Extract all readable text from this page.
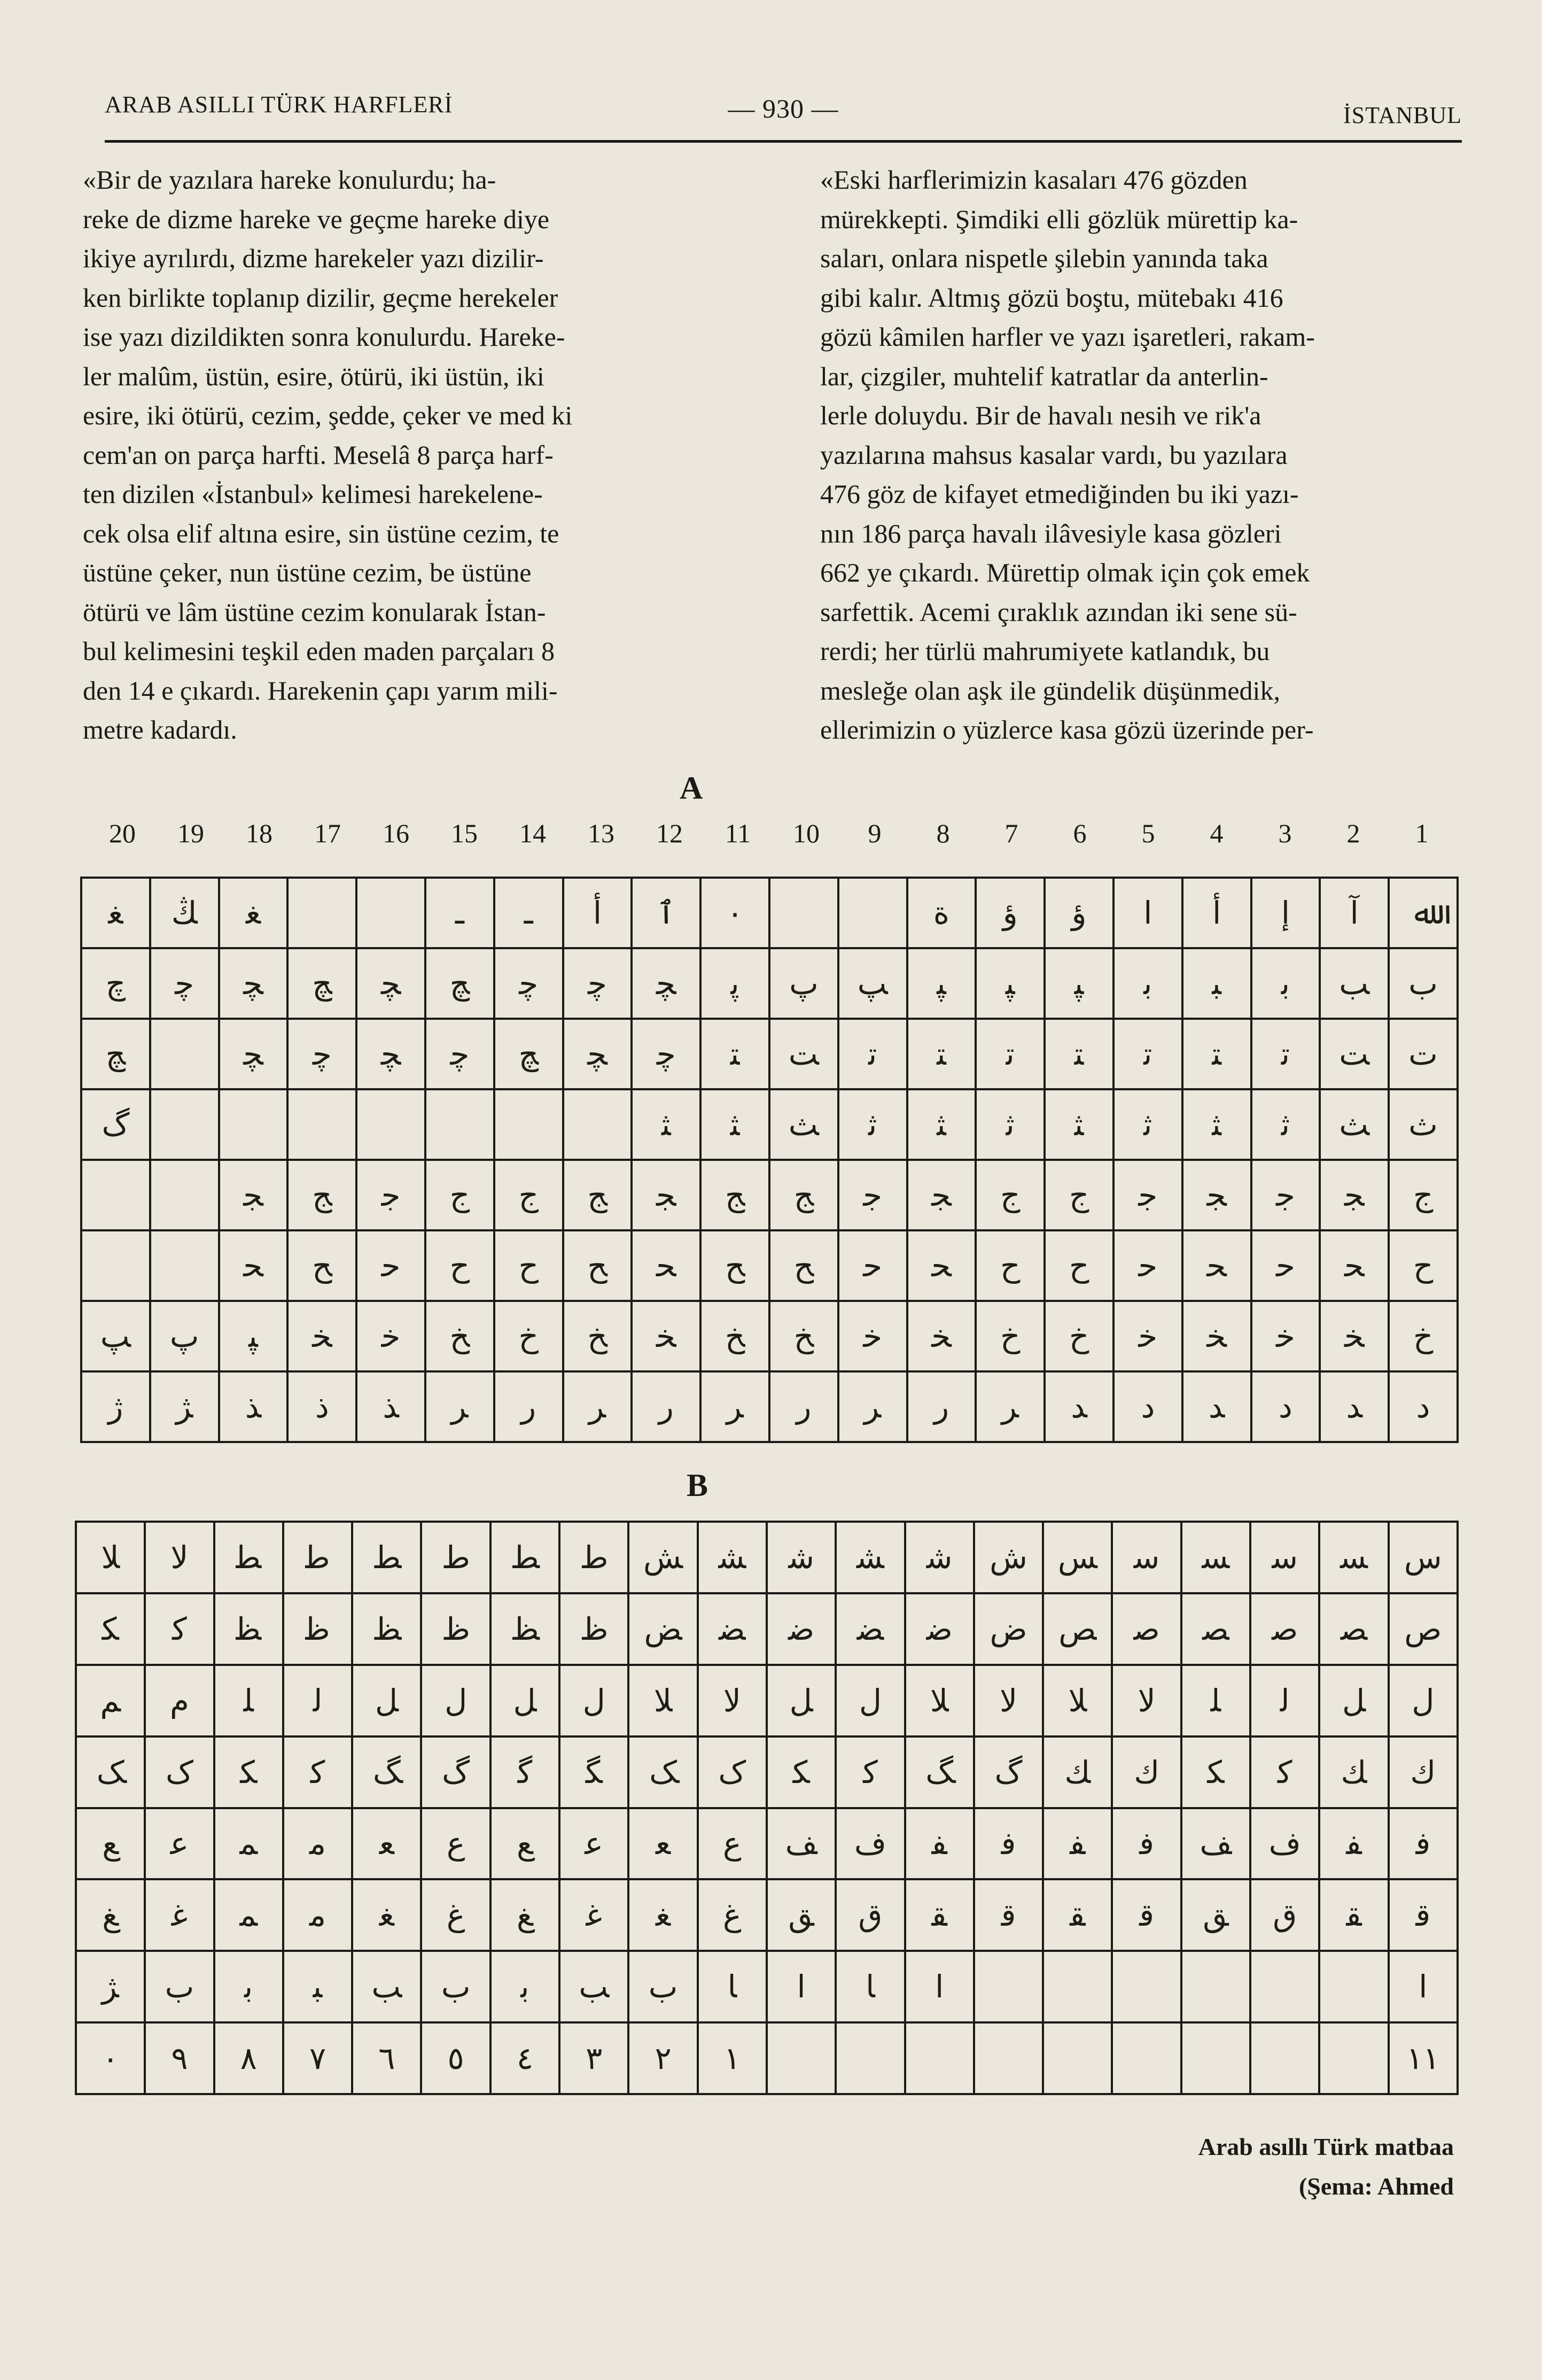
ARAB ASILLI TÜRK HARFLERİ	— 930 —	İSTANBUL

«Bir de yazılara hareke konulurdu; ha-

reke de dizme hareke ve geçme hareke diye

ikiye ayrılırdı, dizme harekeler yazı dizilir-

ken birlikte toplanıp dizilir, geçme herekeler

ise yazı dizildikten sonra konulurdu. Hareke-

ler malûm, üstün, esire, ötürü, iki üstün, iki

esire, iki ötürü, cezim, şedde, çeker ve med ki

cem'an on parça harfti. Meselâ 8 parça harf-

ten dizilen «İstanbul» kelimesi harekelene-

cek olsa elif altına esire, sin üstüne cezim, te

üstüne çeker, nun üstüne cezim, be üstüne

ötürü ve lâm üstüne cezim konularak İstan-

bul kelimesini teşkil eden maden parçaları 8

den 14 e çıkardı. Harekenin çapı yarım mili-

metre kadardı.

«Eski harflerimizin kasaları 476 gözden

mürekkepti. Şimdiki elli gözlük mürettip ka-

saları, onlara nispetle şilebin yanında taka

gibi kalır. Altmış gözü boştu, mütebakı 416

gözü kâmilen harfler ve yazı işaretleri, rakam-

lar, çizgiler, muhtelif katratlar da anterlin-

lerle doluydu. Bir de havalı nesih ve rik'a

yazılarına mahsus kasalar vardı, bu yazılara

476 göz de kifayet etmediğinden bu iki yazı-

nın 186 parça havalı ilâvesiyle kasa gözleri

662 ye çıkardı. Mürettip olmak için çok emek

sarfettik. Acemi çıraklık azından iki sene sü-

rerdi; her türlü mahrumiyete katlandık, bu

mesleğe olan aşk ile gündelik düşünmedik,

ellerimizin o yüzlerce kasa gözü üzerinde per-

A
20	19	18	17	16	15	14	13	12	11	10	9	8	7	6	5	4	3	2	1
ﻐ	ﯔ	ﻐ			ـ	ـ	أ	ٱ	٠			ة	ؤ	ؤ	ا	أ	إ	آ	ﷲ
ﭺ	ﭼ	ﭽ	ﭻ	ﭽ	ﭻ	ﭼ	ﭼ	ﭽ	ﭘ	ﭖ	ﭗ	ﭙ	ﭙ	ﭙ	ﺑ	ﺒ	ﺑ	ﺐ	ﺏ
ﭻ		ﭽ	ﭼ	ﭽ	ﭼ	ﭻ	ﭽ	ﭼ	ﺘ	ﺖ	ﺗ	ﺘ	ﺗ	ﺘ	ﺗ	ﺘ	ﺗ	ﺖ	ﺕ
ﮒ								ﺜ	ﺜ	ﺚ	ﺛ	ﺜ	ﺛ	ﺜ	ﺛ	ﺜ	ﺛ	ﺚ	ﺙ
		ﺠ	ﺞ	ﺟ	ﺝ	ﺝ	ﺞ	ﺠ	ﺞ	ﺞ	ﺟ	ﺠ	ﺝ	ﺝ	ﺟ	ﺠ	ﺟ	ﺠ	ﺝ
		ﺤ	ﺢ	ﺣ	ﺡ	ﺡ	ﺢ	ﺤ	ﺢ	ﺢ	ﺣ	ﺤ	ﺡ	ﺡ	ﺣ	ﺤ	ﺣ	ﺤ	ﺡ
ﭗ	ﭖ	ﭙ	ﺨ	ﺧ	ﺦ	ﺥ	ﺦ	ﺨ	ﺦ	ﺦ	ﺧ	ﺨ	ﺥ	ﺥ	ﺧ	ﺨ	ﺧ	ﺨ	ﺥ
ﮊ	ﮋ	ﺬ	ﺫ	ﺬ	ﺮ	ﺭ	ﺮ	ﺭ	ﺮ	ﺭ	ﺮ	ﺭ	ﺮ	ﺪ	ﺩ	ﺪ	ﺩ	ﺪ	ﺩ
B
ﻼ	ﻻ	ﻄ	ﻃ	ﻂ	ﻁ	ﻂ	ﻁ	ﺶ	ﺸ	ﺷ	ﺸ	ﺷ	ﺵ	ﺲ	ﺳ	ﺴ	ﺳ	ﺴ	ﺱ
ﮑ	ﮐ	ﻈ	ﻇ	ﻆ	ﻅ	ﻆ	ﻅ	ﺾ	ﻀ	ﺿ	ﻀ	ﺿ	ﺽ	ﺺ	ﺻ	ﺼ	ﺻ	ﺼ	ﺹ
ﻢ	ﻡ	ﻠ	ﻟ	ﻞ	ﻝ	ﻞ	ﻝ	ﻼ	ﻻ	ﻞ	ﻝ	ﻼ	ﻻ	ﻼ	ﻻ	ﻠ	ﻟ	ﻞ	ﻝ
ﮏ	ﮎ	ﮑ	ﮐ	ﮓ	ﮒ	ﮔ	ﮕ	ﮏ	ﮎ	ﮑ	ﮐ	ﮓ	ﮒ	ﻚ	ﻙ	ﻜ	ﻛ	ﻚ	ﻙ
ﻊ	ﻋ	ﻤ	ﻣ	ﻌ	ﻉ	ﻊ	ﻋ	ﻌ	ﻉ	ﻒ	ﻑ	ﻔ	ﻓ	ﻔ	ﻓ	ﻒ	ﻑ	ﻔ	ﻓ
ﻎ	ﻏ	ﻤ	ﻣ	ﻐ	ﻍ	ﻎ	ﻏ	ﻐ	ﻍ	ﻖ	ﻕ	ﻘ	ﻗ	ﻘ	ﻗ	ﻖ	ﻕ	ﻘ	ﻗ
ﮋ	ﺏ	ﺑ	ﺒ	ﺐ	ﺏ	ﺑ	ﺐ	ﺏ	ﺎ	ﺍ	ﺎ	ﺍ							ﺍ
٠	٩	٨	٧	٦	٥	٤	٣	٢	١										١١
Arab asıllı Türk matbaa
(Şema: Ahmed
